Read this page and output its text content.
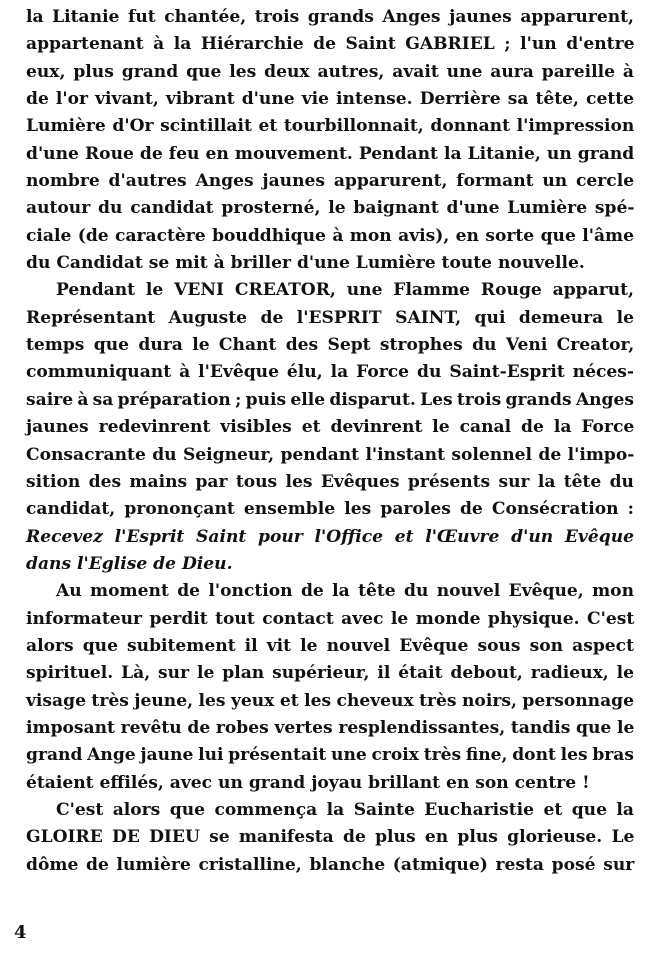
la Litanie fut chantée, trois grands Anges jaunes apparurent,
appartenant à la Hiérarchie de Saint GABRIEL ; l'un d'entre
eux, plus grand que les deux autres, avait une aura pareille à
de l'or vivant, vibrant d'une vie intense. Derrière sa tête, cette
Lumière d'Or scintillait et tourbillonnait, donnant l'impression
d'une Roue de feu en mouvement. Pendant la Litanie, un grand
nombre d'autres Anges jaunes apparurent, formant un cercle
autour du candidat prosterné, le baignant d'une Lumière spé-
ciale (de caractère bouddhique à mon avis), en sorte que l'âme
du Candidat se mit à briller d'une Lumière toute nouvelle.

Pendant le VENI CREATOR, une Flamme Rouge apparut,
Représentant Auguste de l'ESPRIT SAINT, qui demeura le
temps que dura le Chant des Sept strophes du Veni Creator,
communiquant à l'Evêque élu, la Force du Saint-Esprit néces-
saire à sa préparation ; puis elle disparut. Les trois grands Anges
jaunes redevinrent visibles et devinrent le canal de la Force
Consacrante du Seigneur, pendant l'instant solennel de l'impo-
sition des mains par tous les Evêques présents sur la tête du
candidat, prononçant ensemble les paroles de Consécration :
Recevez l'Esprit Saint pour l'Office et l'Œuvre d'un Evêque
dans l'Eglise de Dieu.

Au moment de l'onction de la tête du nouvel Evêque, mon
informateur perdit tout contact avec le monde physique. C'est
alors que subitement il vit le nouvel Evêque sous son aspect
spirituel. Là, sur le plan supérieur, il était debout, radieux, le
visage très jeune, les yeux et les cheveux très noirs, personnage
imposant revêtu de robes vertes resplendissantes, tandis que le
grand Ange jaune lui présentait une croix très fine, dont les bras
étaient effilés, avec un grand joyau brillant en son centre !

C'est alors que commença la Sainte Eucharistie et que la
GLOIRE DE DIEU se manifesta de plus en plus glorieuse. Le
dôme de lumière cristalline, blanche (atmique) resta posé sur

4
